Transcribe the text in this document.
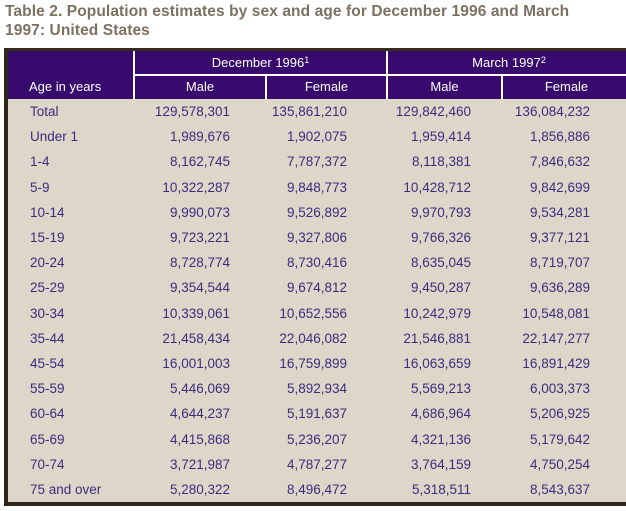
Table 2. Population estimates by sex and age for December 1996 and March 1997: United States
Age in years
December 1996$^1$	March 1997$^2$
Male	Female	Male	Female
Total	129,578,301	135,861,210	129,842,460	136,084,232
Under 1	1,989,676	1,902,075	1,959,414	1,856,886
1-4	8,162,745	7,787,372	8,118,381	7,846,632
5-9	10,322,287	9,848,773	10,428,712	9,842,699
10-14	9,990,073	9,526,892	9,970,793	9,534,281
15-19	9,723,221	9,327,806	9,766,326	9,377,121
20-24	8,728,774	8,730,416	8,635,045	8,719,707
25-29	9,354,544	9,674,812	9,450,287	9,636,289
30-34	10,339,061	10,652,556	10,242,979	10,548,081
35-44	21,458,434	22,046,082	21,546,881	22,147,277
45-54	16,001,003	16,759,899	16,063,659	16,891,429
55-59	5,446,069	5,892,934	5,569,213	6,003,373
60-64	4,644,237	5,191,637	4,686,964	5,206,925
65-69	4,415,868	5,236,207	4,321,136	5,179,642
70-74	3,721,987	4,787,277	3,764,159	4,750,254
75 and over	5,280,322	8,496,472	5,318,511	8,543,637
